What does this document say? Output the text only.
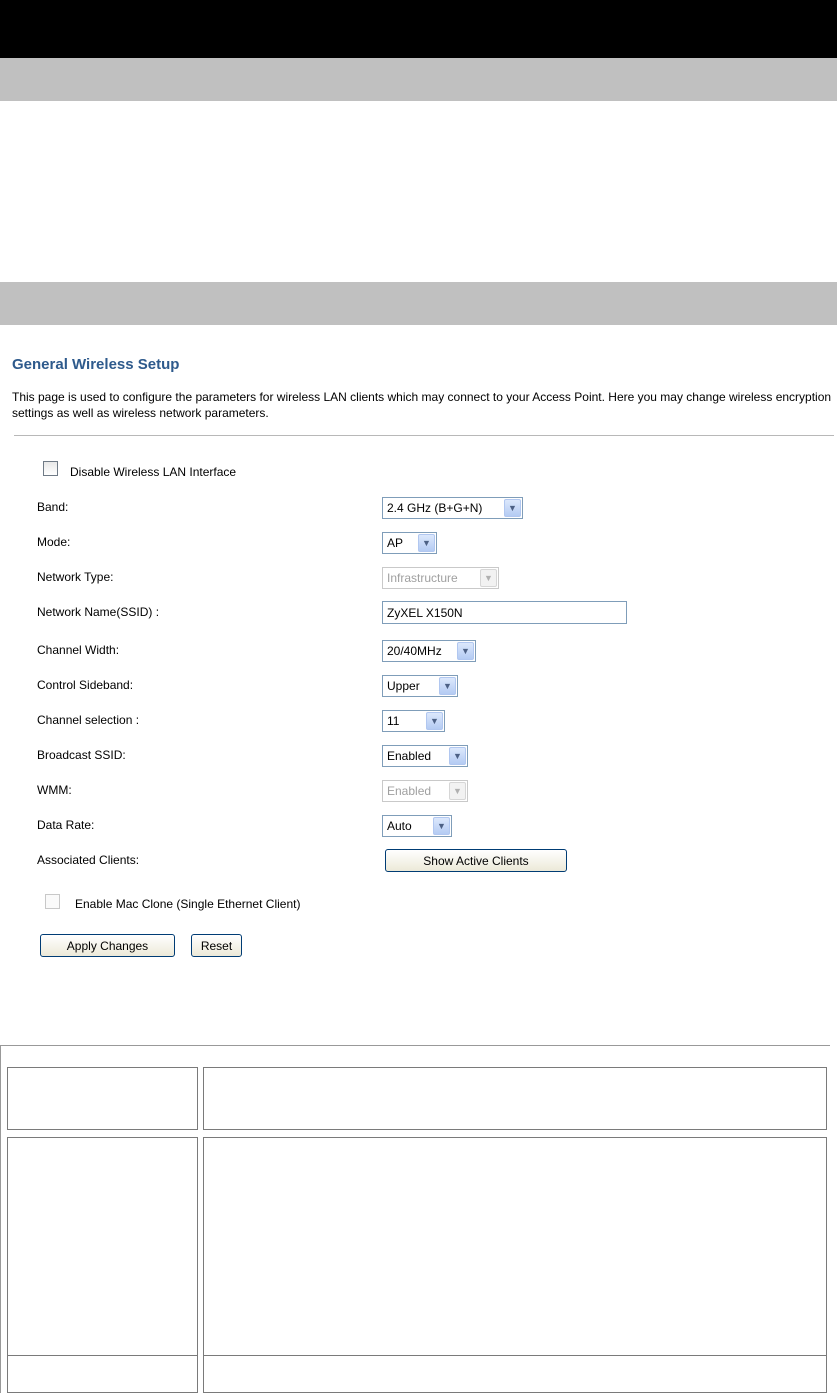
General Wireless Setup
This page is used to configure the parameters for wireless LAN clients which may connect to your Access Point. Here you may change wireless encryption settings as well as wireless network parameters.
Disable Wireless LAN Interface
Band:	2.4 GHz (B+G+N)	▼
Mode:	AP	▼
Network Type:	Infrastructure	▼
Network Name(SSID) :	ZyXEL X150N
Channel Width:	20/40MHz	▼
Control Sideband:	Upper	▼
Channel selection :	11	▼
Broadcast SSID:	Enabled	▼
WMM:	Enabled	▼
Data Rate:	Auto	▼
Associated Clients:	Show Active Clients
Enable Mac Clone (Single Ethernet Client)
Apply Changes	Reset
